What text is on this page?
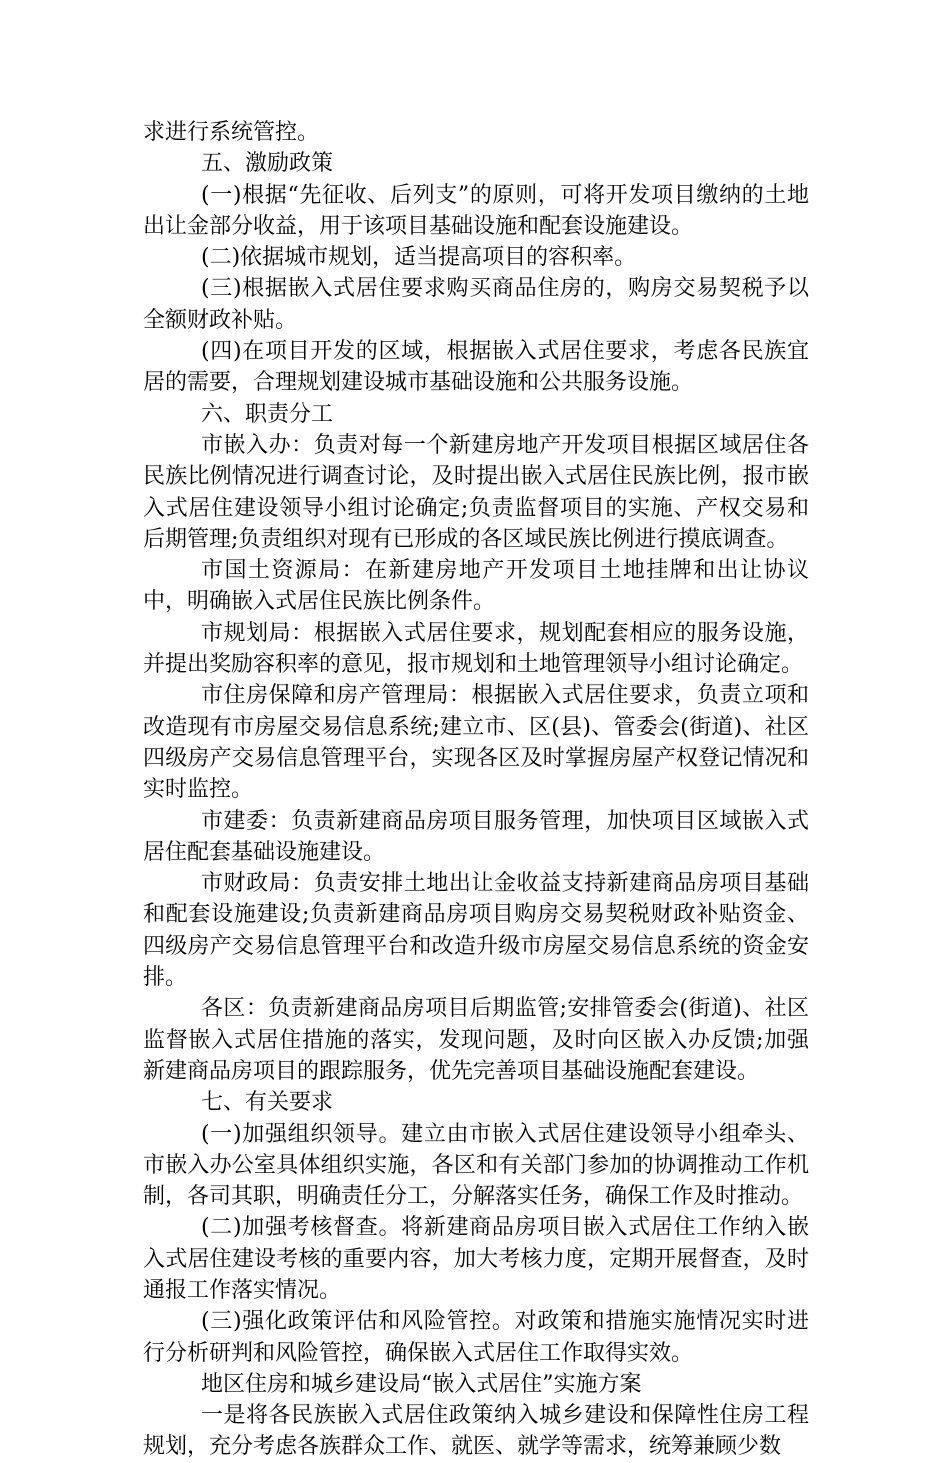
求进行系统管控。

五、激励政策

(一)根据“先征收、后列支”的原则，可将开发项目缴纳的土地出让金部分收益，用于该项目基础设施和配套设施建设。

(二)依据城市规划，适当提高项目的容积率。

(三)根据嵌入式居住要求购买商品住房的，购房交易契税予以全额财政补贴。

(四)在项目开发的区域，根据嵌入式居住要求，考虑各民族宜居的需要，合理规划建设城市基础设施和公共服务设施。

六、职责分工

市嵌入办：负责对每一个新建房地产开发项目根据区域居住各民族比例情况进行调查讨论，及时提出嵌入式居住民族比例，报市嵌入式居住建设领导小组讨论确定;负责监督项目的实施、产权交易和后期管理;负责组织对现有已形成的各区域民族比例进行摸底调查。

市国土资源局：在新建房地产开发项目土地挂牌和出让协议中，明确嵌入式居住民族比例条件。

市规划局：根据嵌入式居住要求，规划配套相应的服务设施，并提出奖励容积率的意见，报市规划和土地管理领导小组讨论确定。

市住房保障和房产管理局：根据嵌入式居住要求，负责立项和改造现有市房屋交易信息系统;建立市、区(县)、管委会(街道)、社区四级房产交易信息管理平台，实现各区及时掌握房屋产权登记情况和实时监控。

市建委：负责新建商品房项目服务管理，加快项目区域嵌入式居住配套基础设施建设。

市财政局：负责安排土地出让金收益支持新建商品房项目基础和配套设施建设;负责新建商品房项目购房交易契税财政补贴资金、四级房产交易信息管理平台和改造升级市房屋交易信息系统的资金安排。

各区：负责新建商品房项目后期监管;安排管委会(街道)、社区监督嵌入式居住措施的落实，发现问题，及时向区嵌入办反馈;加强新建商品房项目的跟踪服务，优先完善项目基础设施配套建设。

七、有关要求

(一)加强组织领导。建立由市嵌入式居住建设领导小组牵头、市嵌入办公室具体组织实施，各区和有关部门参加的协调推动工作机制，各司其职，明确责任分工，分解落实任务，确保工作及时推动。

(二)加强考核督查。将新建商品房项目嵌入式居住工作纳入嵌入式居住建设考核的重要内容，加大考核力度，定期开展督查，及时通报工作落实情况。

(三)强化政策评估和风险管控。对政策和措施实施情况实时进行分析研判和风险管控，确保嵌入式居住工作取得实效。

地区住房和城乡建设局“嵌入式居住”实施方案

一是将各民族嵌入式居住政策纳入城乡建设和保障性住房工程规划，充分考虑各族群众工作、就医、就学等需求，统筹兼顾少数
